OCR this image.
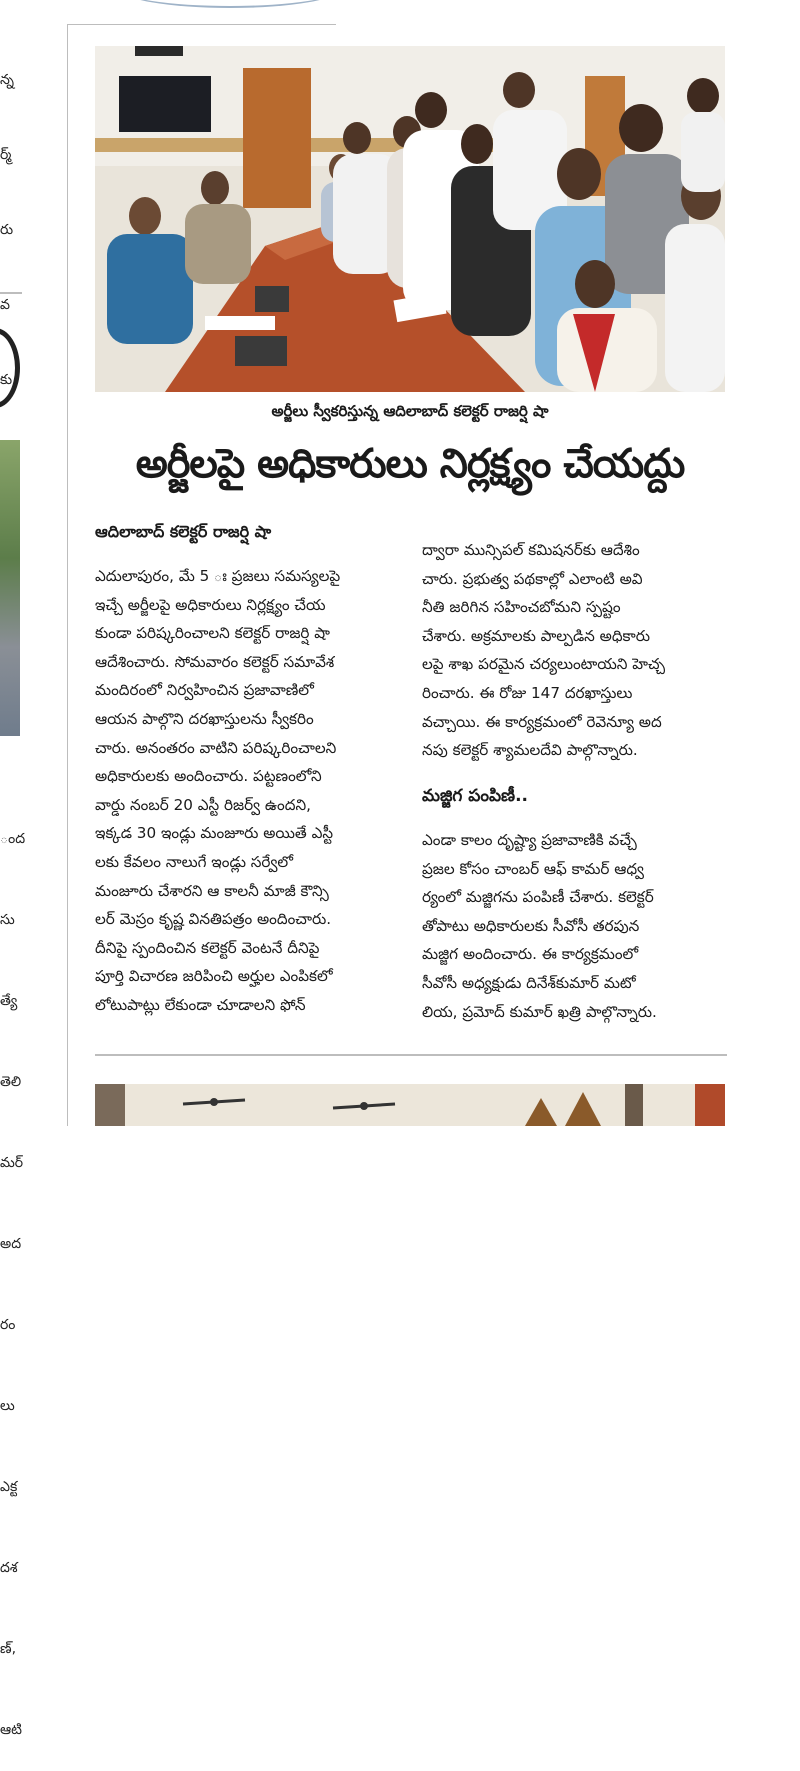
న్న

ర్మ్

రు

వ

కు

ంద

సు

త్యే

తెలి

మర్

అద

రం

లు

ఎక్ట

దశ

ణ్,

ఆటి

అర్జీలు స్వీకరిస్తున్న ఆదిలాబాద్ కలెక్టర్ రాజర్షి షా
అర్జీలపై అధికారులు నిర్లక్ష్యం చేయద్దు
ఆదిలాబాద్ కలెక్టర్ రాజర్షి షా
ఎదులాపురం, మే 5 ః ప్రజలు సమస్యలపై
ఇచ్చే అర్జీలపై అధికారులు నిర్లక్ష్యం చేయ
కుండా పరిష్కరించాలని కలెక్టర్ రాజర్షి షా
ఆదేశించారు. సోమవారం కలెక్టర్ సమావేశ
మందిరంలో నిర్వహించిన ప్రజావాణిలో
ఆయన పాల్గొని దరఖాస్తులను స్వీకరిం
చారు. అనంతరం వాటిని పరిష్కరించాలని
అధికారులకు అందించారు. పట్టణంలోని
వార్డు నంబర్ 20 ఎస్టీ రిజర్వ్ ఉందని,
ఇక్కడ 30 ఇండ్లు మంజూరు అయితే ఎస్టీ
లకు కేవలం నాలుగే ఇండ్లు సర్వేలో
మంజూరు చేశారని ఆ కాలనీ మాజీ కౌన్సి
లర్ మెస్రం కృష్ణ వినతిపత్రం అందించారు.
దీనిపై స్పందించిన కలెక్టర్ వెంటనే దీనిపై
పూర్తి విచారణ జరిపించి అర్హుల ఎంపికలో
లోటుపాట్లు లేకుండా చూడాలని ఫోన్
ద్వారా మున్సిపల్ కమిషనర్‌కు ఆదేశిం
చారు. ప్రభుత్వ పథకాల్లో ఎలాంటి అవి
నీతి జరిగిన సహించబోమని స్పష్టం
చేశారు. అక్రమాలకు పాల్పడిన అధికారు
లపై శాఖ పరమైన చర్యలుంటాయని హెచ్చ
రించారు. ఈ రోజు 147 దరఖాస్తులు
వచ్చాయి. ఈ కార్యక్రమంలో రెవెన్యూ అద
నపు కలెక్టర్ శ్యామలదేవి పాల్గొన్నారు.
మజ్జిగ పంపిణీ..
ఎండా కాలం దృష్ట్యా ప్రజావాణికి వచ్చే
ప్రజల కోసం చాంబర్ ఆఫ్ కామర్ ఆధ్వ
ర్యంలో మజ్జిగను పంపిణీ చేశారు. కలెక్టర్
తోపాటు అధికారులకు సీవోసీ తరపున
మజ్జిగ అందించారు. ఈ కార్యక్రమంలో
సీవోసీ అధ్యక్షుడు దినేశ్‌కుమార్ మటో
లియ, ప్రమోద్ కుమార్ ఖత్రి పాల్గొన్నారు.
